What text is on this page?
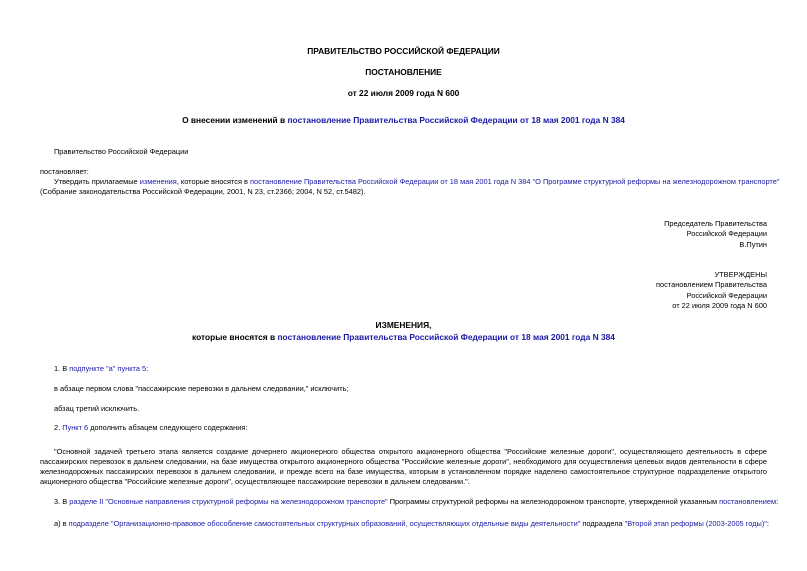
ПРАВИТЕЛЬСТВО РОССИЙСКОЙ ФЕДЕРАЦИИ
ПОСТАНОВЛЕНИЕ
от 22 июля 2009 года N 600
О внесении изменений в постановление Правительства Российской Федерации от 18 мая 2001 года N 384
Правительство Российской Федерации
постановляет:
Утвердить прилагаемые изменения, которые вносятся в постановление Правительства Российской Федерации от 18 мая 2001 года N 384 "О Программе структурной реформы на железнодорожном транспорте"
(Собрание законодательства Российской Федерации, 2001, N 23, ст.2366; 2004, N 52, ст.5482).
Председатель Правительства
Российской Федерации
В.Путин
УТВЕРЖДЕНЫ
постановлением Правительства
Российской Федерации
от 22 июля 2009 года N 600
ИЗМЕНЕНИЯ,
которые вносятся в постановление Правительства Российской Федерации от 18 мая 2001 года N 384
1. В подпункте "а" пункта 5:
в абзаце первом слова "пассажирские перевозки в дальнем следовании," исключить;
абзац третий исключить.
2. Пункт 6 дополнить абзацем следующего содержания:
"Основной задачей третьего этапа является создание дочернего акционерного общества открытого акционерного общества "Российские железные дороги", осуществляющего деятельность в сфере
пассажирских перевозок в дальнем следовании, на базе имущества открытого акционерного общества "Российские железные дороги", необходимого для осуществления целевых видов деятельности в сфере
железнодорожных пассажирских перевозок в дальнем следовании, и прежде всего на базе имущества, которым в установленном порядке наделено самостоятельное структурное подразделение открытого
акционерного общества "Российские железные дороги", осуществляющее пассажирские перевозки в дальнем следовании.".
3. В разделе II "Основные направления структурной реформы на железнодорожном транспорте" Программы структурной реформы на железнодорожном транспорте, утвержденной указанным постановлением:
а) в подразделе "Организационно-правовое обособление самостоятельных структурных образований, осуществляющих отдельные виды деятельности" подраздела "Второй этап реформы (2003-2005 годы)":
